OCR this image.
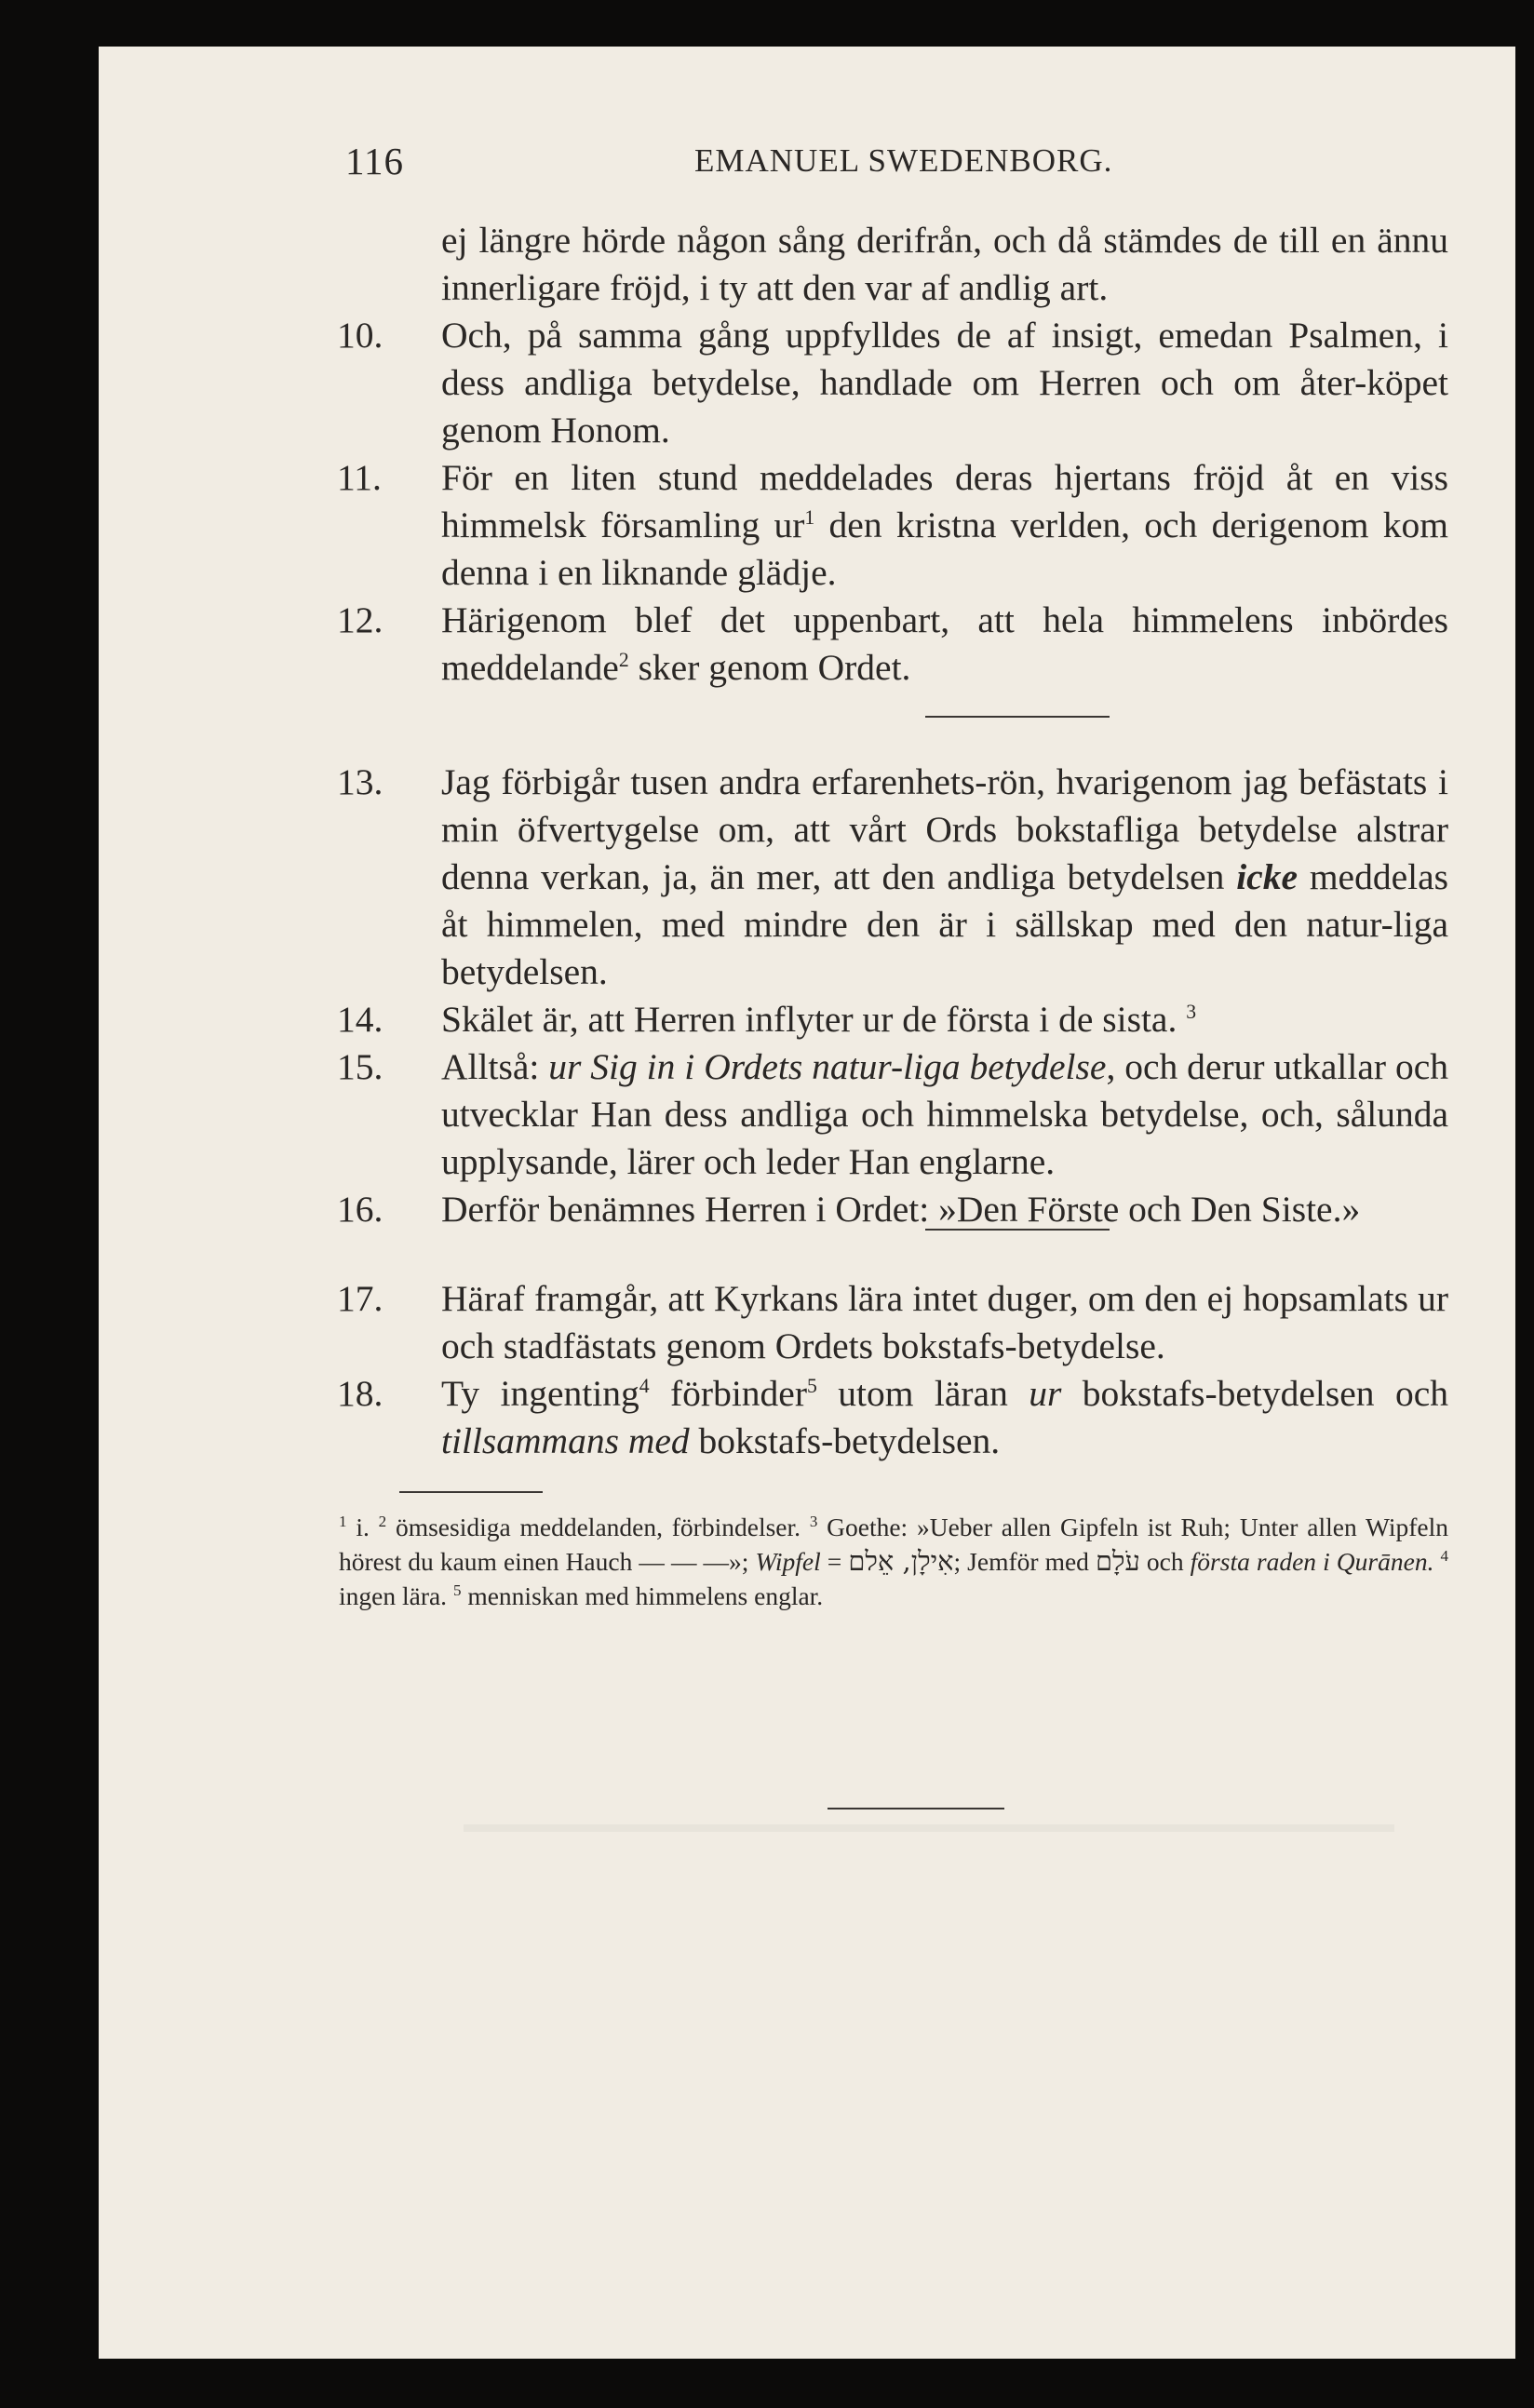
116	EMANUEL SWEDENBORG.
ej längre hörde någon sång derifrån, och då stämdes de till en ännu innerligare fröjd, i ty att den var af andlig art.
10. Och, på samma gång uppfylldes de af insigt, emedan Psalmen, i dess andliga betydelse, handlade om Herren och om åter-köpet genom Honom.
11. För en liten stund meddelades deras hjertans fröjd åt en viss himmelsk församling $ur^1$ den kristna verlden, och derigenom kom denna i en liknande glädje.
12. Härigenom blef det uppenbart, att hela himmelens inbördes meddelande$^2$ sker genom Ordet.
13. Jag förbigår tusen andra erfarenhets-rön, hvarigenom jag befästats i min öfvertygelse om, att vårt Ords bokstafliga betydelse alstrar denna verkan, ja, än mer, att den andliga betydelsen icke meddelas åt himmelen, med mindre den är i sällskap med den natur-liga betydelsen.
14. Skälet är, att Herren inflyter ur de första i de sista. $^3$
15. Alltså: ur Sig in i Ordets natur-liga betydelse, och derur utkallar och utvecklar Han dess andliga och himmelska betydelse, och, sålunda upplysande, lärer och leder Han englarne.
16. Derför benämnes Herren i Ordet: »Den Förste och Den Siste.»
17. Häraf framgår, att Kyrkans lära intet duger, om den ej hopsamlats ur och stadfästats genom Ordets bokstafs-betydelse.
18. Ty ingenting$^4$ förbinder$^5$ utom läran ur bokstafs-betydelsen och tillsammans med bokstafs-betydelsen.
$^1$ i. $^2$ ömsesidiga meddelanden, förbindelser. $^3$ Goethe: »Ueber allen Gipfeln ist Ruh; Unter allen Wipfeln hörest du kaum einen Hauch — — —»; Wipfel = אִילָן, אֵלם; Jemför med עֹלָם och första raden i Qurānen. $^4$ ingen lära. $^5$ menniskan med himmelens englar.
